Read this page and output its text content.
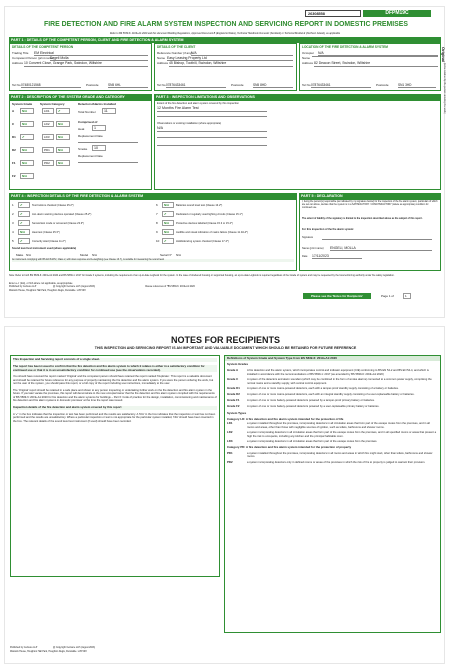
26308558	DFPM19C
FIRE DETECTION AND FIRE ALARM SYSTEM INSPECTION AND SERVICING REPORT IN DOMESTIC PREMISES
Refer to BS 5839-6: 2019+A1:2020 and this document Building Regulations, Approved Document B (England & Wales), Technical Handbook Domestic (Scotland) or Technical Booklet E (Northern Ireland), as applicable
Original
(to be retained by the person ordering the work)
PART 1 : DETAILS OF THE COMPETENT PERSON, CLIENT AND FIRE DETECTION & ALARM SYSTEM
DETAILS OF THE COMPETENT PERSON
Trading Title EM Electrical
Competent Person (print name)
Engeli Molla
Address 10 Convent Close, Grange Park, Swindon, Wiltshire
Tel No 07480121568	Postcode	SN5 6HL
DETAILS OF THE CLIENT
Reference Number (if any)
N/A
Name Easy Leasing Property Ltd
Address 45 Bishop, Toothill, Swindon, Wiltshire
Tel No 07876433461	Postcode	SN5 8HD
LOCATION OF THE FIRE DETECTION & ALARM SYSTEM
Occupier N/A
Name
Address 82 Deacon Street, Swindon, Wiltshire
Tel No 07876433461	Postcode	SN1 3HD
PART 2 : DESCRIPTION OF THE SYSTEM GRADE AND CATEGORY
System Grade	System Category	Detectors/Alarms Installed
A	N/A	LD1	✔
C	N/A	LD2	N/A
D1	✔	LD3	N/A
D2	N/A	PD1	N/A
F1	N/A	PD2	N/A
F2	N/A
Total Number	11
Comprised of
Heat	1
Replacement Date
Smoke	10
Replacement Date
PART 3 : INSPECTION LIMITATIONS AND OBSERVATIONS
Extent of the fire detection and alarm system covered by this inspection
12 Months Fire Alarm Test
Observations or existing installation (where appropriate)
N/A
PART 4 : INSPECTION DETAILS OF THE FIRE DETECTION & ALARM SYSTEM
1	✔	Test buttons checked (Clause 25.2*)
2	✔	ALL alarm warning devices operated (Clause 25.2*)
3	✔	Sensor/test mode or screened (Clause 23.3*)
4	N/A	Heat test (Clause 25.3*)
5	✔	Correctly sited (Clause 11.2*)
6	N/A	Batteries sound level test (Clause 13.2*)
7	✔	Dedicated or regularly used lighting circuits (Clause 15.1*)
8	N/A	Protective devices labelled (Clause 15.3 or 15.4*)
9	N/A	Audible and visual indication of mains failure (Clause 11.3d-4*)
10	✔	Hold/silencing system checked (Clause 17.4*)
Sound level test instrument used (where applicable)
Make N/A	Model N/A	Serial N° N/A
An instrument complying with BS EN 61672, Class 2, with slow response and A-weighting (see Clause 13.7), is suitable for measuring the sound level
PART 5 : DECLARATION
I, being the person(s) responsible (as indicated by my signature below) for the inspection of the fire alarm system, particulars of which are set out above, declare that the system is in a SATISFACTORY / UNSATISFACTORY (delete as appropriate) condition for continued use.
The extent of liability of the signatory is limited to the inspection described above as the subject of this report.
For this inspection of the fire alarm system:
Signature
Name (print name) ENGELI, MOLLA
Date 17/11/2023
Note: Refer to both BS 5839-6: 2019+A1:2020 and BS 5839-1: 2017 for Grade F systems, including the requirement of an up-to-date Logbook for the system. In the case of sheltered housing or supported housing, an up-to-date Logbook is required regardless of the Grade of system and may be requested by the local enforcing authority under fire safety legislation.
Enter a ✔ (tick), or N/A where not applicable, as appropriate
Published by Certsure LLP	@ Copyright Certsure LLP (August 2023)
Warwick House, Houghton Hall Park, Houghton Regis, Dunstable. LU5 5ZX
Clause references of *BS 5839-6: 2019+A1:2020
Please see the 'Notes for Recipients'	Page 1 of	1
NOTES FOR RECIPIENTS
THIS INSPECTION AND SERVICING REPORT IS AN IMPORTANT AND VALUABLE DOCUMENT WHICH SHOULD BE RETAINED FOR FUTURE REFERENCE
This Inspection and Servicing report consists of a single sheet.
The report has been issued to confirm that the fire detection and fire alarm system to which it relates is either in a satisfactory condition for continued use or that it is in an unsatisfactory condition for continued use (see the observations recorded).
You should have received the report marked 'Original' and the competent person should have retained the report marked 'Duplicate'. This report is a valuable document and should be retained for future reference for any purpose of properly maintaining the fire detection and fire alarm system. If you were the person ordering the work, but not the user of the system, you should pass this report, or a full copy of the report including use instructions, immediately to the user.
The 'Original' report should be retained in a safe place and shown to any person inspecting or undertaking further work on the fire detection and fire alarm system in the future. If you later vacate the premises, this report will demonstrate to the new occupier/owner that the fire detection and fire alarm system complied with the requirements of BS 5839-6: 2019+A1:2020 for fire detection and fire alarm systems for buildings – Part 6: Code of practice for the design, installation, commissioning and maintenance of fire detection and fire alarm systems in domestic premises' at the time the report was issued.
Inspection details of the fire detection and alarm system covered by this report
A '✔' in the box indicates that the inspection or test has been performed and the results are satisfactory. A 'N/A' in the box indicates that the inspection or test has not been performed and the results are unsatisfactory. Where a particular inspection or test is not appropriate for the particular system installed, 'N/A' should have been inserted in the box. The relevant details of the sound level test instrument (if used) should have been recorded.
Definitions of System Grade and System Type from BS 5839-6: 2019+A1:2020
System Grades
Grade A	A fire detection and fire alarm system, which incorporates control and indicator equipment (CIE) conforming to BS EN 54-2 and BS EN 54-4, and which is installed in accordance with the recommendations of BS 5839-1: 2017 (as amended by BS 5839-6: 2019+A1:2020)
Grade C	A system of fire detectors and alarm sounders (which may be combined in the form of smoke alarms) connected to a common power supply, comprising the normal mains and a standby supply, with central control equipment.
Grade D1	A system of one or more mains-powered detectors, each with a tamper-proof standby supply consisting of a battery or batteries.
Grade D2	A system of one or more mains-powered detectors, each with an integral standby supply consisting of a user-replaceable battery or batteries.
Grade F1	A system of one or more battery-powered detectors powered by a tamper-proof primary battery or batteries.
Grade F2	A system of one or more battery-powered detectors powered by a user-replaceable primary battery or batteries.
System Types
Category LD: A fire detection and fire alarm system intended for the protection of life
LD1	a system installed throughout the premises, incorporating detectors in all circulation areas that form part of the escape routes from the premises, and in all rooms and areas, other than those with negligible sources of ignition, such as toilets, bathrooms and shower rooms.
LD2	a system incorporating detectors in all circulation areas that form part of the escape routes from the premises, and in all specified rooms or areas that present a high fire risk to occupants, including any kitchen and the principal habitable room.
LD3	a system incorporating detectors in all circulation areas that form part of the escape routes from the premises.
Category PD: A fire detection and fire alarm system intended for the protection of property
PD1	a system installed throughout the premises, incorporating detectors in all rooms and areas in which fire might start, other than toilets, bathrooms and shower rooms.
PD2	a system incorporating detectors only in defined rooms or areas of the premises in which the risk of fire to property is judged to warrant their provision.
Published by Certsure LLP	@ Copyright Certsure LLP (August 2023)
Warwick House, Houghton Hall Park, Houghton Regis, Dunstable. LU5 5ZX
